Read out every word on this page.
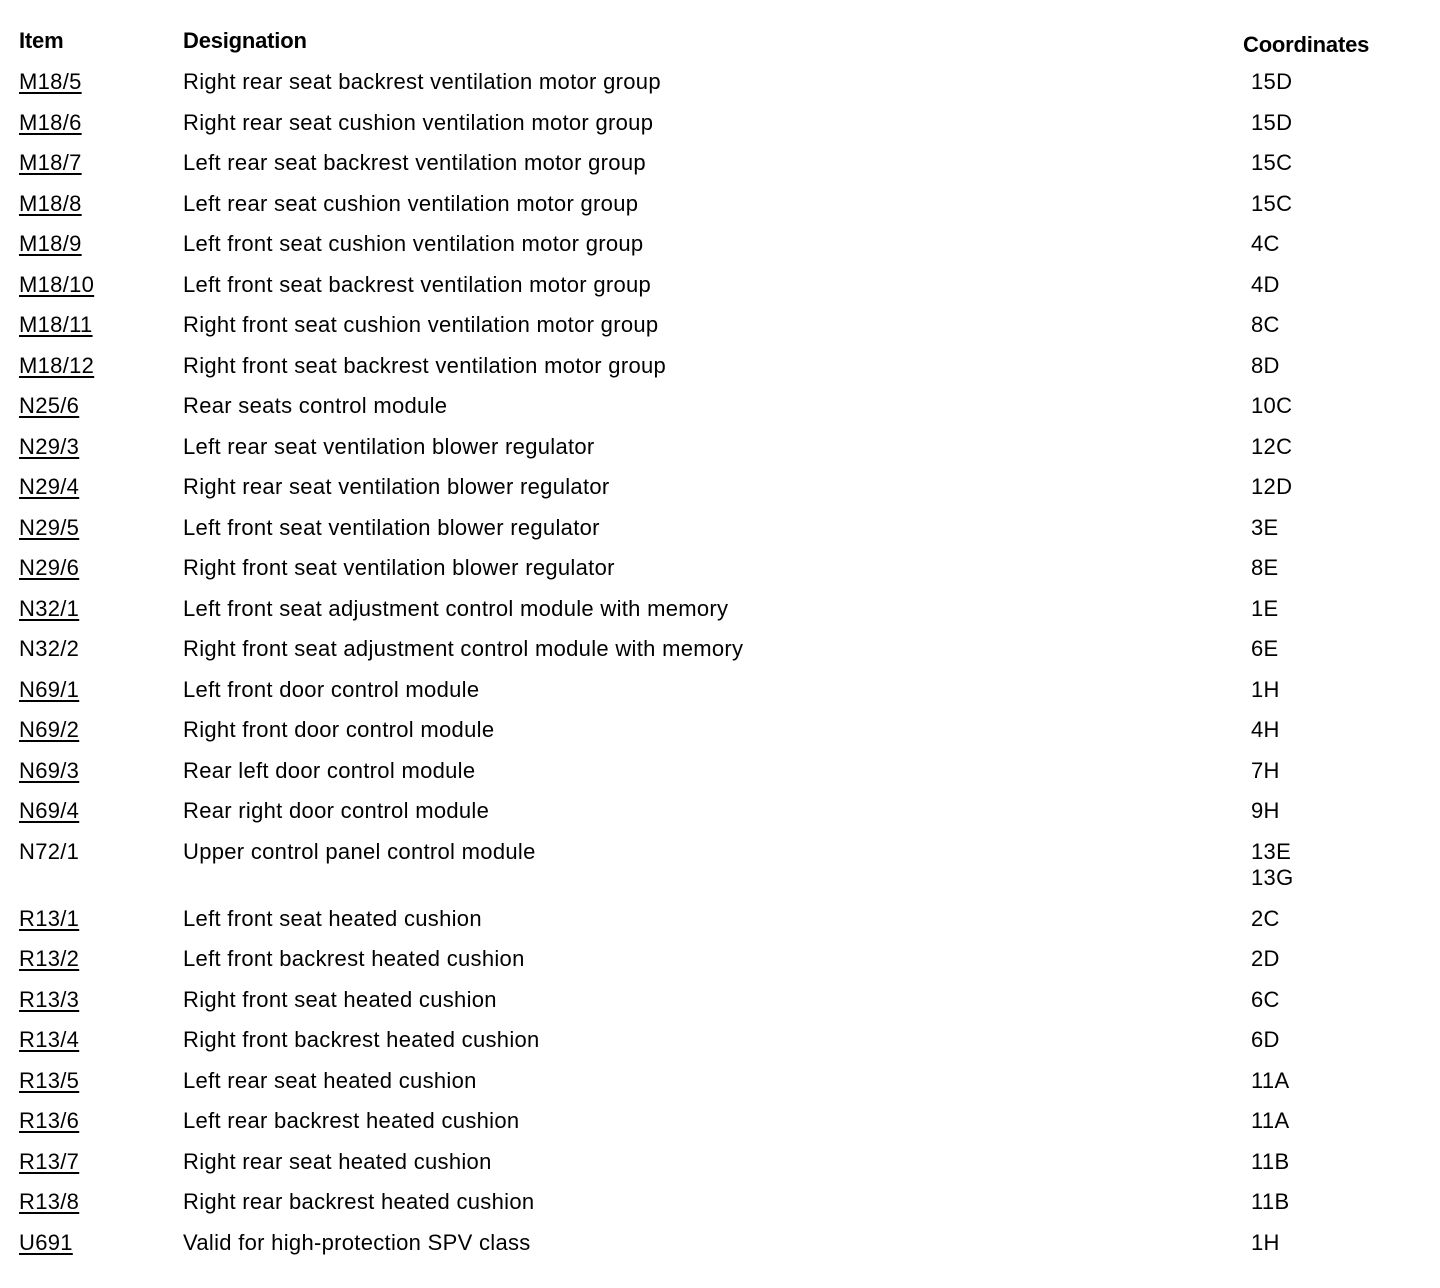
Item	Designation	Coordinates
M18/5	Right rear seat backrest ventilation motor group	15D
M18/6	Right rear seat cushion ventilation motor group	15D
M18/7	Left rear seat backrest ventilation motor group	15C
M18/8	Left rear seat cushion ventilation motor group	15C
M18/9	Left front seat cushion ventilation motor group	4C
M18/10	Left front seat backrest ventilation motor group	4D
M18/11	Right front seat cushion ventilation motor group	8C
M18/12	Right front seat backrest ventilation motor group	8D
N25/6	Rear seats control module	10C
N29/3	Left rear seat ventilation blower regulator	12C
N29/4	Right rear seat ventilation blower regulator	12D
N29/5	Left front seat ventilation blower regulator	3E
N29/6	Right front seat ventilation blower regulator	8E
N32/1	Left front seat adjustment control module with memory	1E
N32/2	Right front seat adjustment control module with memory	6E
N69/1	Left front door control module	1H
N69/2	Right front door control module	4H
N69/3	Rear left door control module	7H
N69/4	Rear right door control module	9H
N72/1	Upper control panel control module	13E
13G
R13/1	Left front seat heated cushion	2C
R13/2	Left front backrest heated cushion	2D
R13/3	Right front seat heated cushion	6C
R13/4	Right front backrest heated cushion	6D
R13/5	Left rear seat heated cushion	11A
R13/6	Left rear backrest heated cushion	11A
R13/7	Right rear seat heated cushion	11B
R13/8	Right rear backrest heated cushion	11B
U691	Valid for high-protection SPV class	1H
